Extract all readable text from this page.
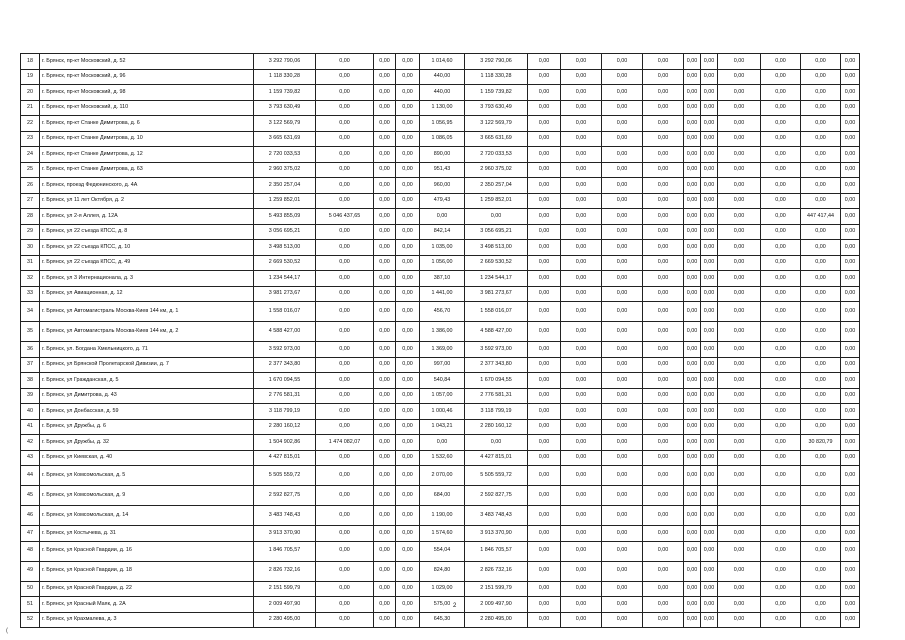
18	г. Брянск, пр-кт Московский, д. 52	3 292 790,06	0,00	0,00	0,00	1 014,60	3 292 790,06	0,00	0,00	0,00	0,00	0,00	0,00	0,00	0,00	0,00	0,00
19	г. Брянск, пр-кт Московский, д. 96	1 118 330,28	0,00	0,00	0,00	440,00	1 118 330,28	0,00	0,00	0,00	0,00	0,00	0,00	0,00	0,00	0,00	0,00
20	г. Брянск, пр-кт Московский, д. 98	1 159 739,82	0,00	0,00	0,00	440,00	1 159 739,82	0,00	0,00	0,00	0,00	0,00	0,00	0,00	0,00	0,00	0,00
21	г. Брянск, пр-кт Московский, д. 110	3 793 630,49	0,00	0,00	0,00	1 130,00	3 793 630,49	0,00	0,00	0,00	0,00	0,00	0,00	0,00	0,00	0,00	0,00
22	г. Брянск, пр-кт Станке Димитрова, д. 6	3 122 569,79	0,00	0,00	0,00	1 056,95	3 122 569,79	0,00	0,00	0,00	0,00	0,00	0,00	0,00	0,00	0,00	0,00
23	г. Брянск, пр-кт Станке Димитрова, д. 10	3 665 631,69	0,00	0,00	0,00	1 086,05	3 665 631,69	0,00	0,00	0,00	0,00	0,00	0,00	0,00	0,00	0,00	0,00
24	г. Брянск, пр-кт Станке Димитрова, д. 12	2 720 033,53	0,00	0,00	0,00	890,00	2 720 033,53	0,00	0,00	0,00	0,00	0,00	0,00	0,00	0,00	0,00	0,00
25	г. Брянск, пр-кт Станке Димитрова, д. 63	2 960 375,02	0,00	0,00	0,00	951,43	2 960 375,02	0,00	0,00	0,00	0,00	0,00	0,00	0,00	0,00	0,00	0,00
26	г. Брянск, проезд Федюнинского, д. 4А	2 350 257,04	0,00	0,00	0,00	960,00	2 350 257,04	0,00	0,00	0,00	0,00	0,00	0,00	0,00	0,00	0,00	0,00
27	г. Брянск, ул 11 лет Октября, д. 2	1 259 852,01	0,00	0,00	0,00	479,43	1 259 852,01	0,00	0,00	0,00	0,00	0,00	0,00	0,00	0,00	0,00	0,00
28	г. Брянск, ул 2-я Аллея, д. 12А	5 493 855,09	5 046 437,65	0,00	0,00	0,00	0,00	0,00	0,00	0,00	0,00	0,00	0,00	0,00	0,00	447 417,44	0,00
29	г. Брянск, ул 22 съезда КПСС, д. 8	3 056 695,21	0,00	0,00	0,00	842,14	3 056 695,21	0,00	0,00	0,00	0,00	0,00	0,00	0,00	0,00	0,00	0,00
30	г. Брянск, ул 22 съезда КПСС, д. 10	3 498 513,00	0,00	0,00	0,00	1 035,00	3 498 513,00	0,00	0,00	0,00	0,00	0,00	0,00	0,00	0,00	0,00	0,00
31	г. Брянск, ул 22 съезда КПСС, д. 49	2 669 530,52	0,00	0,00	0,00	1 056,00	2 669 530,52	0,00	0,00	0,00	0,00	0,00	0,00	0,00	0,00	0,00	0,00
32	г. Брянск, ул 3 Интернационала, д. 3	1 234 544,17	0,00	0,00	0,00	387,10	1 234 544,17	0,00	0,00	0,00	0,00	0,00	0,00	0,00	0,00	0,00	0,00
33	г. Брянск, ул Авиационная, д. 12	3 981 273,67	0,00	0,00	0,00	1 441,00	3 981 273,67	0,00	0,00	0,00	0,00	0,00	0,00	0,00	0,00	0,00	0,00
34	г. Брянск, ул Автомагистраль Москва-Киев 144 км, д. 1	1 558 016,07	0,00	0,00	0,00	456,70	1 558 016,07	0,00	0,00	0,00	0,00	0,00	0,00	0,00	0,00	0,00	0,00
35	г. Брянск, ул Автомагистраль Москва-Киев 144 км, д. 2	4 588 427,00	0,00	0,00	0,00	1 386,00	4 588 427,00	0,00	0,00	0,00	0,00	0,00	0,00	0,00	0,00	0,00	0,00
36	г. Брянск, ул. Богдана Хмельницкого, д. 71	3 592 973,00	0,00	0,00	0,00	1 369,00	3 592 973,00	0,00	0,00	0,00	0,00	0,00	0,00	0,00	0,00	0,00	0,00
37	г. Брянск, ул Брянской Пролетарской Дивизии, д. 7	2 377 343,80	0,00	0,00	0,00	997,00	2 377 343,80	0,00	0,00	0,00	0,00	0,00	0,00	0,00	0,00	0,00	0,00
38	г. Брянск, ул Гражданская, д. 5	1 670 094,55	0,00	0,00	0,00	540,84	1 670 094,55	0,00	0,00	0,00	0,00	0,00	0,00	0,00	0,00	0,00	0,00
39	г. Брянск, ул Димитрова, д. 43	2 776 581,31	0,00	0,00	0,00	1 057,00	2 776 581,31	0,00	0,00	0,00	0,00	0,00	0,00	0,00	0,00	0,00	0,00
40	г. Брянск, ул Донбасская, д. 59	3 118 799,19	0,00	0,00	0,00	1 000,46	3 118 799,19	0,00	0,00	0,00	0,00	0,00	0,00	0,00	0,00	0,00	0,00
41	г. Брянск, ул Дружбы, д. 6	2 280 160,12	0,00	0,00	0,00	1 043,21	2 280 160,12	0,00	0,00	0,00	0,00	0,00	0,00	0,00	0,00	0,00	0,00
42	г. Брянск, ул Дружбы, д. 32	1 504 902,86	1 474 082,07	0,00	0,00	0,00	0,00	0,00	0,00	0,00	0,00	0,00	0,00	0,00	0,00	30 820,79	0,00
43	г. Брянск, ул Киевская, д. 40	4 427 815,01	0,00	0,00	0,00	1 532,60	4 427 815,01	0,00	0,00	0,00	0,00	0,00	0,00	0,00	0,00	0,00	0,00
44	г. Брянск, ул Комсомольская, д. 5	5 505 559,72	0,00	0,00	0,00	2 070,00	5 505 559,72	0,00	0,00	0,00	0,00	0,00	0,00	0,00	0,00	0,00	0,00
45	г. Брянск, ул Комсомольская, д. 9	2 592 827,75	0,00	0,00	0,00	684,00	2 592 827,75	0,00	0,00	0,00	0,00	0,00	0,00	0,00	0,00	0,00	0,00
46	г. Брянск, ул Комсомольская, д. 14	3 483 748,43	0,00	0,00	0,00	1 190,00	3 483 748,43	0,00	0,00	0,00	0,00	0,00	0,00	0,00	0,00	0,00	0,00
47	г. Брянск, ул Костычева, д. 31	3 913 370,90	0,00	0,00	0,00	1 574,60	3 913 370,90	0,00	0,00	0,00	0,00	0,00	0,00	0,00	0,00	0,00	0,00
48	г. Брянск, ул Красной Гвардии, д. 16	1 846 705,57	0,00	0,00	0,00	554,04	1 846 705,57	0,00	0,00	0,00	0,00	0,00	0,00	0,00	0,00	0,00	0,00
49	г. Брянск, ул Красной Гвардии, д. 18	2 826 732,16	0,00	0,00	0,00	824,80	2 826 732,16	0,00	0,00	0,00	0,00	0,00	0,00	0,00	0,00	0,00	0,00
50	г. Брянск, ул Красной Гвардии, д. 22	2 151 599,79	0,00	0,00	0,00	1 029,00	2 151 599,79	0,00	0,00	0,00	0,00	0,00	0,00	0,00	0,00	0,00	0,00
51	г. Брянск, ул Красный Маяк, д. 2А	2 009 497,90	0,00	0,00	0,00	575,00	2 009 497,90	0,00	0,00	0,00	0,00	0,00	0,00	0,00	0,00	0,00	0,00
52	г. Брянск, ул Крахмалева, д. 3	2 280 495,00	0,00	0,00	0,00	645,30	2 280 495,00	0,00	0,00	0,00	0,00	0,00	0,00	0,00	0,00	0,00	0,00
2
(
